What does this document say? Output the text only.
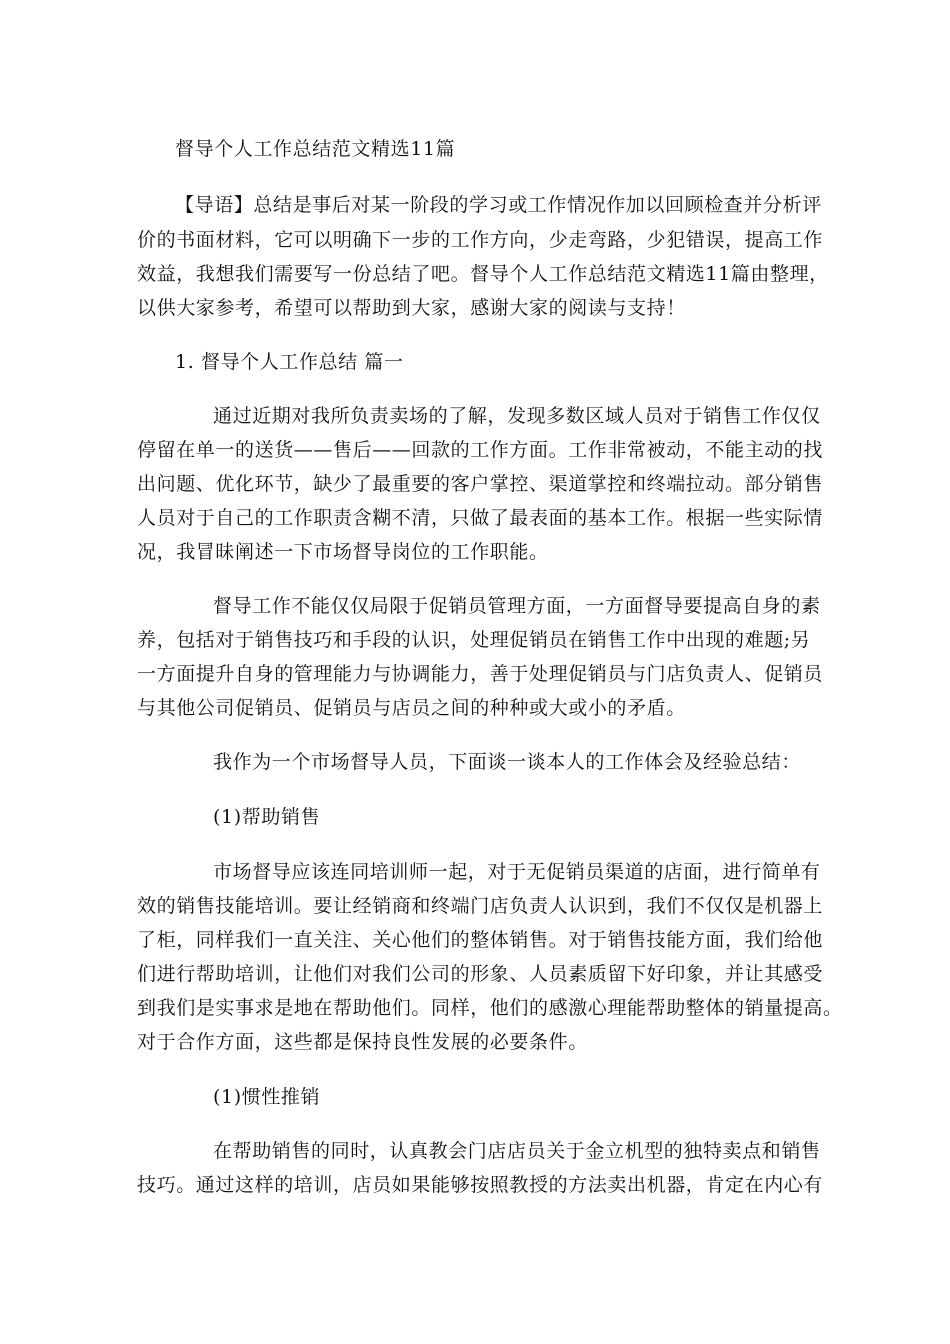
督导个人工作总结范文精选11篇
【导语】总结是事后对某一阶段的学习或工作情况作加以回顾检查并分析评
价的书面材料，它可以明确下一步的工作方向，少走弯路，少犯错误，提高工作
效益，我想我们需要写一份总结了吧。督导个人工作总结范文精选11篇由整理，
以供大家参考，希望可以帮助到大家，感谢大家的阅读与支持！
1. 督导个人工作总结 篇一
通过近期对我所负责卖场的了解，发现多数区域人员对于销售工作仅仅
停留在单一的送货——售后——回款的工作方面。工作非常被动，不能主动的找
出问题、优化环节，缺少了最重要的客户掌控、渠道掌控和终端拉动。部分销售
人员对于自己的工作职责含糊不清，只做了最表面的基本工作。根据一些实际情
况，我冒昧阐述一下市场督导岗位的工作职能。
督导工作不能仅仅局限于促销员管理方面，一方面督导要提高自身的素
养，包括对于销售技巧和手段的认识，处理促销员在销售工作中出现的难题;另
一方面提升自身的管理能力与协调能力，善于处理促销员与门店负责人、促销员
与其他公司促销员、促销员与店员之间的种种或大或小的矛盾。
我作为一个市场督导人员，下面谈一谈本人的工作体会及经验总结：
(1)帮助销售
市场督导应该连同培训师一起，对于无促销员渠道的店面，进行简单有
效的销售技能培训。要让经销商和终端门店负责人认识到，我们不仅仅是机器上
了柜，同样我们一直关注、关心他们的整体销售。对于销售技能方面，我们给他
们进行帮助培训，让他们对我们公司的形象、人员素质留下好印象，并让其感受
到我们是实事求是地在帮助他们。同样，他们的感激心理能帮助整体的销量提高。
对于合作方面，这些都是保持良性发展的必要条件。
(1)惯性推销
在帮助销售的同时，认真教会门店店员关于金立机型的独特卖点和销售
技巧。通过这样的培训，店员如果能够按照教授的方法卖出机器，肯定在内心有
